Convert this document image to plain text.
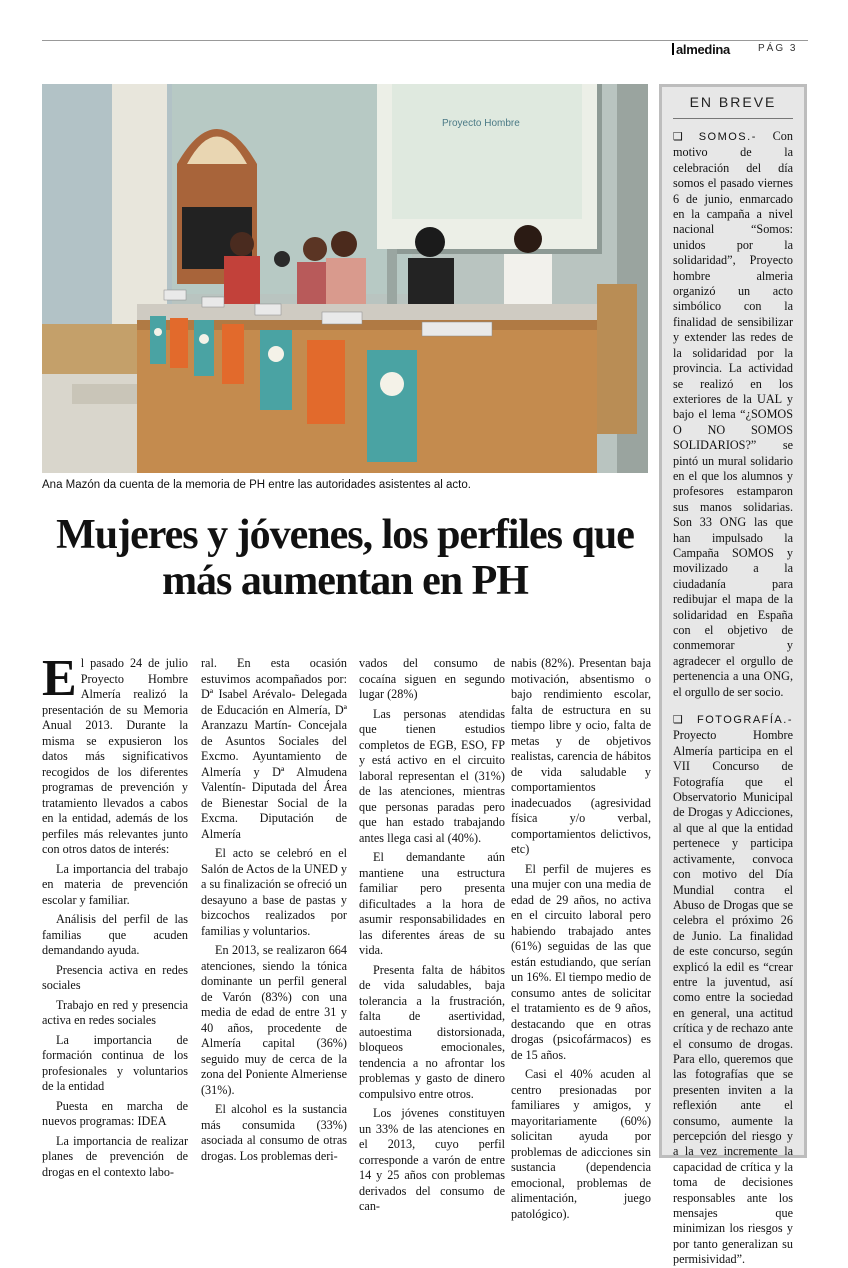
almedina	PÁG 3
Proyecto Hombre
Ana Mazón da cuenta de la memoria de PH entre las autoridades asistentes al acto.
Mujeres y jóvenes, los perfiles que más aumentan en PH

El pasado 24 de julio Proyecto Hombre Almería realizó la presentación de su Memoria Anual 2013. Durante la misma se expusieron los datos más significativos recogidos de los diferentes programas de prevención y tratamiento llevados a cabos en la entidad, además de los perfiles más relevantes junto con otros datos de interés:

La importancia del trabajo en materia de prevención escolar y familiar.

Análisis del perfil de las familias que acuden demandando ayuda.

Presencia activa en redes sociales

Trabajo en red y presencia activa en redes sociales

La importancia de formación continua de los profesionales y voluntarios de la entidad

Puesta en marcha de nuevos programas: IDEA

La importancia de realizar planes de prevención de drogas en el contexto labo-

ral. En esta ocasión estuvimos acompañados por: Dª Isabel Arévalo- Delegada de Educación en Almería, Dª Aranzazu Martín- Concejala de Asuntos Sociales del Excmo. Ayuntamiento de Almería y Dª Almudena Valentín- Diputada del Área de Bienestar Social de la Excma. Diputación de Almería

El acto se celebró en el Salón de Actos de la UNED y a su finalización se ofreció un desayuno a base de pastas y bizcochos realizados por familias y voluntarios.

En 2013, se realizaron 664 atenciones, siendo la tónica dominante un perfil general de Varón (83%) con una media de edad de entre 31 y 40 años, procedente de Almería capital (36%) seguido muy de cerca de la zona del Poniente Almeriense (31%).

El alcohol es la sustancia más consumida (33%) asociada al consumo de otras drogas. Los problemas deri-

vados del consumo de cocaína siguen en segundo lugar (28%)

Las personas atendidas que tienen estudios completos de EGB, ESO, FP y está activo en el circuito laboral representan el (31%) de las atenciones, mientras que personas paradas pero que han estado trabajando antes llega casi al (40%).

El demandante aún mantiene una estructura familiar pero presenta dificultades a la hora de asumir responsabilidades en las diferentes áreas de su vida.

Presenta falta de hábitos de vida saludables, baja tolerancia a la frustración, falta de asertividad, autoestima distorsionada, bloqueos emocionales, tendencia a no afrontar los problemas y gasto de dinero compulsivo entre otros.

Los jóvenes constituyen un 33% de las atenciones en el 2013, cuyo perfil corresponde a varón de entre 14 y 25 años con problemas derivados del consumo de can-

nabis (82%). Presentan baja motivación, absentismo o bajo rendimiento escolar, falta de estructura en su tiempo libre y ocio, falta de metas y de objetivos realistas, carencia de hábitos de vida saludable y comportamientos inadecuados (agresividad física y/o verbal, comportamientos delictivos, etc)

El perfil de mujeres es una mujer con una media de edad de 29 años, no activa en el circuito laboral pero habiendo trabajado antes (61%) seguidas de las que están estudiando, que serían un 16%. El tiempo medio de consumo antes de solicitar el tratamiento es de 9 años, destacando que en otras drogas (psicofármacos) es de 15 años.

Casi el 40% acuden al centro presionadas por familiares y amigos, y mayoritariamente (60%) solicitan ayuda por problemas de adicciones sin sustancia (dependencia emocional, problemas de alimentación, juego patológico).

EN BREVE

❑ SOMOS.- Con motivo de la celebración del día somos el pasado viernes 6 de junio, enmarcado en la campaña a nivel nacional “Somos: unidos por la solidaridad”, Proyecto hombre almeria organizó un acto simbólico con la finalidad de sensibilizar y extender las redes de la solidaridad por la provincia. La actividad se realizó en los exteriores de la UAL y bajo el lema “¿SOMOS O NO SOMOS SOLIDARIOS?” se pintó un mural solidario en el que los alumnos y profesores estamparon sus manos solidarias. Son 33 ONG las que han impulsado la Campaña SOMOS y movilizado a la ciudadanía para redibujar el mapa de la solidaridad en España con el objetivo de conmemorar y agradecer el orgullo de pertenencia a una ONG, el orgullo de ser socio.

❑ FOTOGRAFÍA.- Proyecto Hombre Almería participa en el VII Concurso de Fotografía que el Observatorio Municipal de Drogas y Adicciones, al que al que la entidad pertenece y participa activamente, convoca con motivo del Día Mundial contra el Abuso de Drogas que se celebra el próximo 26 de Junio. La finalidad de este concurso, según explicó la edil es “crear entre la juventud, así como entre la sociedad en general, una actitud crítica y de rechazo ante el consumo de drogas. Para ello, queremos que las fotografías que se presenten inviten a la reflexión ante el consumo, aumente la percepción del riesgo y a la vez incremente la capacidad de crítica y la toma de decisiones responsables ante los mensajes que minimizan los riesgos y por tanto generalizan su permisividad”.
